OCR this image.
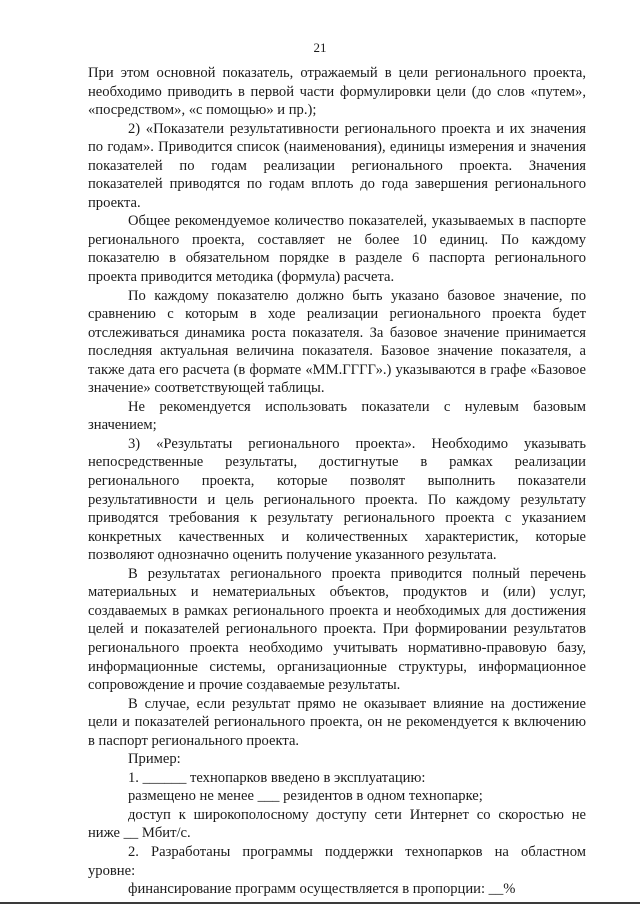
21

При этом основной показатель, отражаемый в цели регионального проекта, необходимо приводить в первой части формулировки цели (до слов «путем», «посредством», «с помощью» и пр.);

2) «Показатели результативности регионального проекта и их значения по годам». Приводится список (наименования), единицы измерения и значения показателей по годам реализации регионального проекта. Значения показателей приводятся по годам вплоть до года завершения регионального проекта.

Общее рекомендуемое количество показателей, указываемых в паспорте регионального проекта, составляет не более 10 единиц. По каждому показателю в обязательном порядке в разделе 6 паспорта регионального проекта приводится методика (формула) расчета.

По каждому показателю должно быть указано базовое значение, по сравнению с которым в ходе реализации регионального проекта будет отслеживаться динамика роста показателя. За базовое значение принимается последняя актуальная величина показателя. Базовое значение показателя, а также дата его расчета (в формате «ММ.ГГГГ».) указываются в графе «Базовое значение» соответствующей таблицы.

Не рекомендуется использовать показатели с нулевым базовым значением;

3) «Результаты регионального проекта». Необходимо указывать непосредственные результаты, достигнутые в рамках реализации регионального проекта, которые позволят выполнить показатели результативности и цель регионального проекта. По каждому результату приводятся требования к результату регионального проекта с указанием конкретных качественных и количественных характеристик, которые позволяют однозначно оценить получение указанного результата.

В результатах регионального проекта приводится полный перечень материальных и нематериальных объектов, продуктов и (или) услуг, создаваемых в рамках регионального проекта и необходимых для достижения целей и показателей регионального проекта. При формировании результатов регионального проекта необходимо учитывать нормативно-правовую базу, информационные системы, организационные структуры, информационное сопровождение и прочие создаваемые результаты.

В случае, если результат прямо не оказывает влияние на достижение цели и показателей регионального проекта, он не рекомендуется к включению в паспорт регионального проекта.

Пример:

1. ______ технопарков введено в эксплуатацию:

размещено не менее ___ резидентов в одном технопарке;

доступ к широкополосному доступу сети Интернет со скоростью не ниже __ Мбит/с.

2. Разработаны программы поддержки технопарков на областном уровне:

финансирование программ осуществляется в пропорции: __%
